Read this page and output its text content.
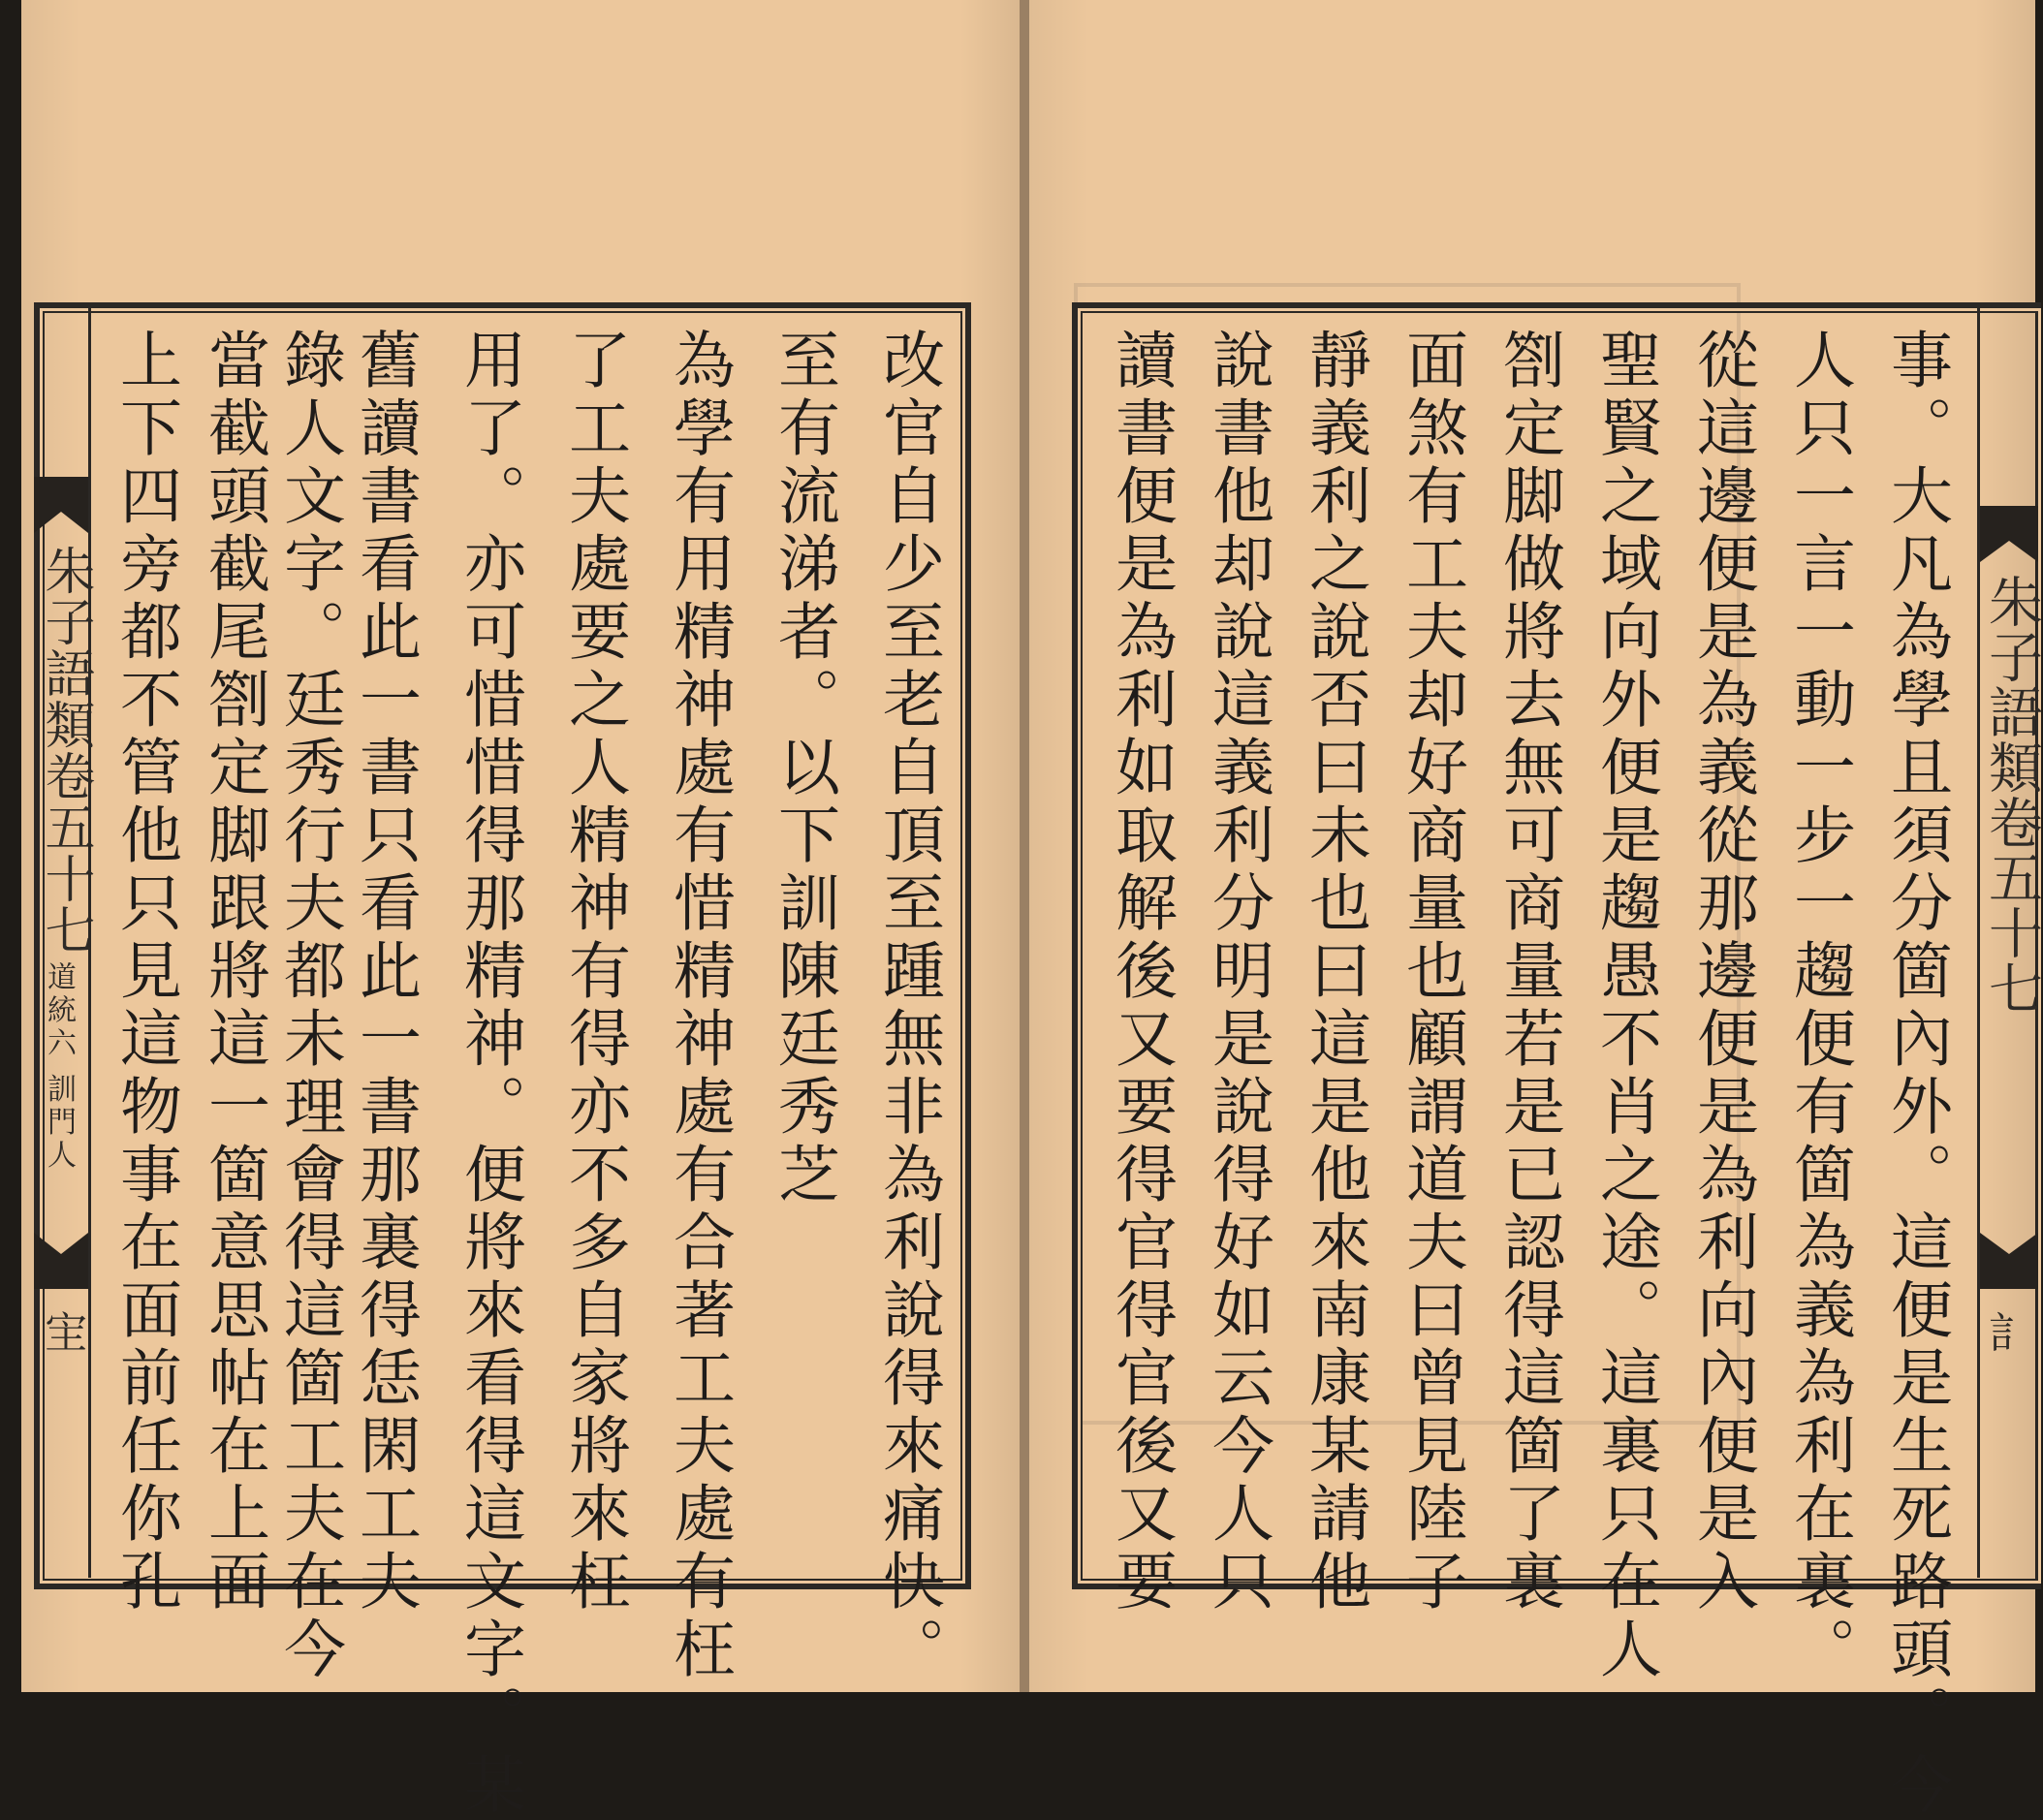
朱子語類卷五十七
道統六 訓門人
宔	改官自少至老自頂至踵無非為利說得來痛快。
至有流涕者。以下訓陳廷秀芝
為學有用精神處有惜精神處有合著工夫處有枉
了工夫處要之人精神有得亦不多自家將來枉
用了。亦可惜惜得那精神。便將來看得這文字。某
舊讀書看此一書只看此一書那裏得恁閑工夫
錄人文字。廷秀行夫都未理會得這箇工夫在今
當截頭截尾劄定脚跟將這一箇意思帖在上面
上下四旁都不管他只見這物事在面前任你孔	朱子語類卷五十七
訁
事。大凡為學且須分箇內外。這便是生死路頭。今
人只一言一動一步一趨便有箇為義為利在裏。
從這邊便是為義從那邊便是為利向內便是入
聖賢之域向外便是趨愚不肖之途。這裏只在人
劄定脚做將去無可商量若是已認得這箇了裏
面煞有工夫却好商量也顧謂道夫曰曾見陸子
靜義利之說否曰未也曰這是他來南康某請他
說書他却說這義利分明是說得好如云今人只
讀書便是為利如取解後又要得官得官後又要
